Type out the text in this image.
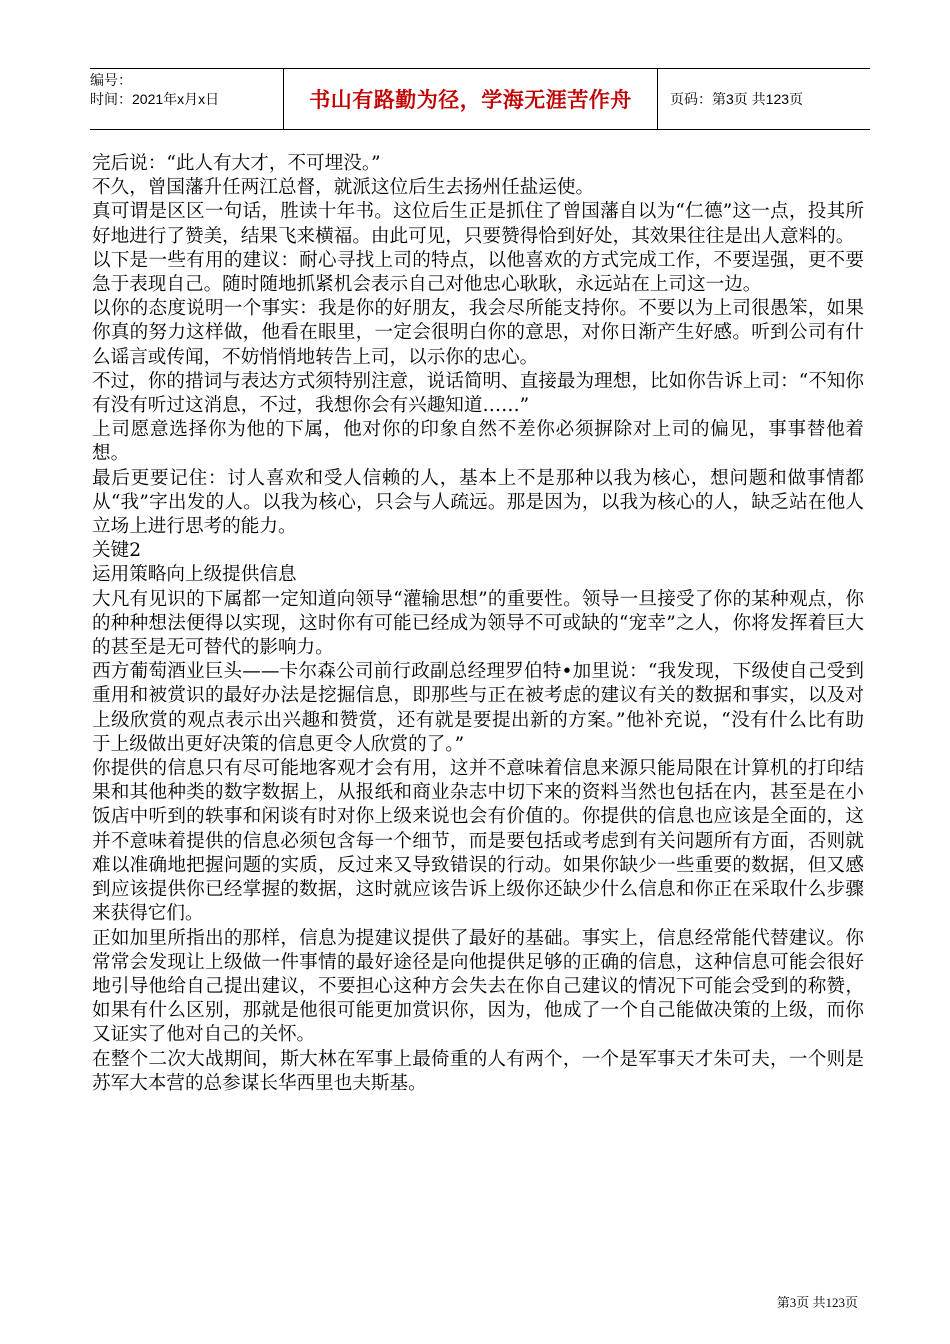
编号：
时间：2021年x月x日	书山有路勤为径，学海无涯苦作舟	页码：第3页 共123页

完后说：“此人有大才，不可埋没。”

不久，曾国藩升任两江总督，就派这位后生去扬州任盐运使。

真可谓是区区一句话，胜读十年书。这位后生正是抓住了曾国藩自以为“仁德”这一点，投其所好地进行了赞美，结果飞来横福。由此可见，只要赞得恰到好处，其效果往往是出人意料的。

以下是一些有用的建议：耐心寻找上司的特点，以他喜欢的方式完成工作，不要逞强，更不要急于表现自己。随时随地抓紧机会表示自己对他忠心耿耿，永远站在上司这一边。

以你的态度说明一个事实：我是你的好朋友，我会尽所能支持你。不要以为上司很愚笨，如果你真的努力这样做，他看在眼里，一定会很明白你的意思，对你日渐产生好感。听到公司有什么谣言或传闻，不妨悄悄地转告上司，以示你的忠心。

不过，你的措词与表达方式须特别注意，说话简明、直接最为理想，比如你告诉上司：“不知你有没有听过这消息，不过，我想你会有兴趣知道……”

上司愿意选择你为他的下属，他对你的印象自然不差你必须摒除对上司的偏见，事事替他着想。

最后更要记住：讨人喜欢和受人信赖的人，基本上不是那种以我为核心，想问题和做事情都从“我”字出发的人。以我为核心，只会与人疏远。那是因为，以我为核心的人，缺乏站在他人立场上进行思考的能力。

关键2

运用策略向上级提供信息

大凡有见识的下属都一定知道向领导“灌输思想”的重要性。领导一旦接受了你的某种观点，你的种种想法便得以实现，这时你有可能已经成为领导不可或缺的“宠幸”之人，你将发挥着巨大的甚至是无可替代的影响力。

西方葡萄酒业巨头——卡尔森公司前行政副总经理罗伯特•加里说：“我发现，下级使自己受到重用和被赏识的最好办法是挖掘信息，即那些与正在被考虑的建议有关的数据和事实，以及对上级欣赏的观点表示出兴趣和赞赏，还有就是要提出新的方案。”他补充说，“没有什么比有助于上级做出更好决策的信息更令人欣赏的了。”

你提供的信息只有尽可能地客观才会有用，这并不意味着信息来源只能局限在计算机的打印结果和其他种类的数字数据上，从报纸和商业杂志中切下来的资料当然也包括在内，甚至是在小饭店中听到的轶事和闲谈有时对你上级来说也会有价值的。你提供的信息也应该是全面的，这并不意味着提供的信息必须包含每一个细节，而是要包括或考虑到有关问题所有方面，否则就难以准确地把握问题的实质，反过来又导致错误的行动。如果你缺少一些重要的数据，但又感到应该提供你已经掌握的数据，这时就应该告诉上级你还缺少什么信息和你正在采取什么步骤来获得它们。

正如加里所指出的那样，信息为提建议提供了最好的基础。事实上，信息经常能代替建议。你常常会发现让上级做一件事情的最好途径是向他提供足够的正确的信息，这种信息可能会很好地引导他给自己提出建议，不要担心这种方会失去在你自己建议的情况下可能会受到的称赞，如果有什么区别，那就是他很可能更加赏识你，因为，他成了一个自己能做决策的上级，而你又证实了他对自己的关怀。

在整个二次大战期间，斯大林在军事上最倚重的人有两个，一个是军事天才朱可夫，一个则是苏军大本营的总参谋长华西里也夫斯基。

第3页 共123页
